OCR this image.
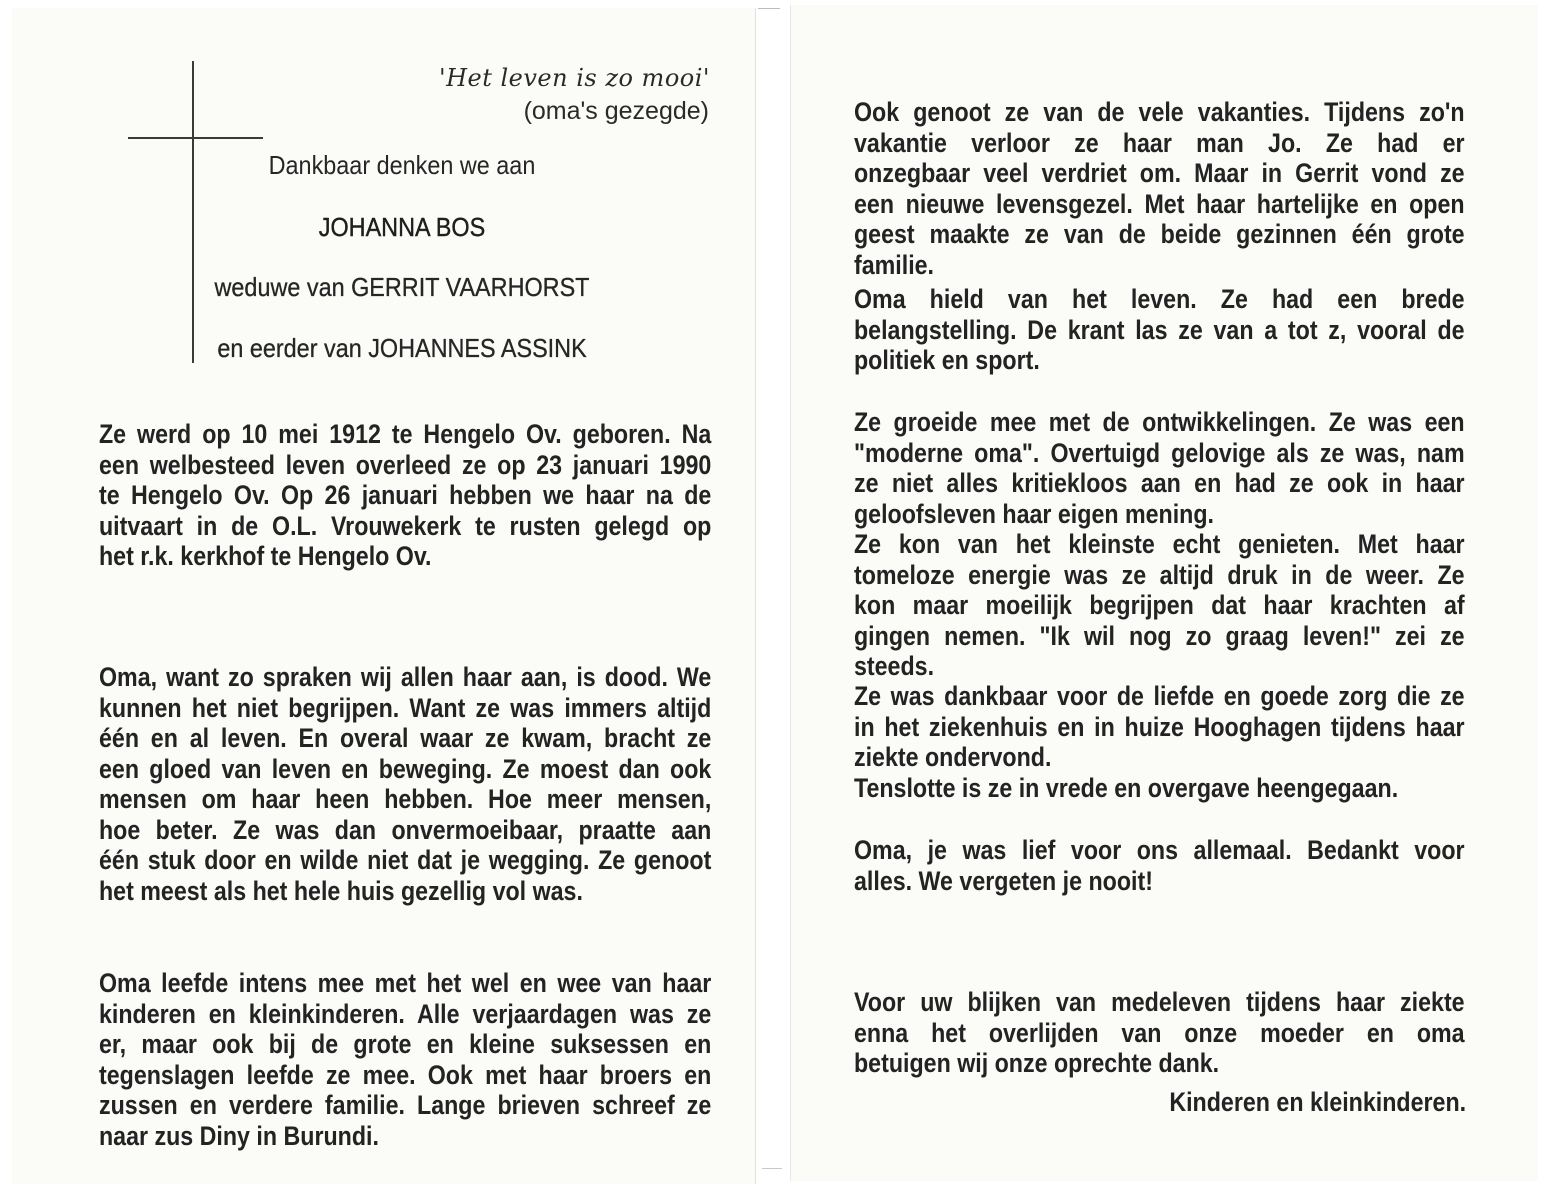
'Het leven is zo mooi'
(oma's gezegde)
Dankbaar denken we aan
JOHANNA BOS
weduwe van GERRIT VAARHORST
en eerder van JOHANNES ASSINK
Ze werd op 10 mei 1912 te Hengelo Ov. geboren. Na
een welbesteed leven overleed ze op 23 januari 1990
te Hengelo Ov. Op 26 januari hebben we haar na de
uitvaart in de O.L. Vrouwekerk te rusten gelegd op
het r.k. kerkhof te Hengelo Ov.
Oma, want zo spraken wij allen haar aan, is dood. We
kunnen het niet begrijpen. Want ze was immers altijd
één en al leven. En overal waar ze kwam, bracht ze
een gloed van leven en beweging. Ze moest dan ook
mensen om haar heen hebben. Hoe meer mensen,
hoe beter. Ze was dan onvermoeibaar, praatte aan
één stuk door en wilde niet dat je wegging. Ze genoot
het meest als het hele huis gezellig vol was.
Oma leefde intens mee met het wel en wee van haar
kinderen en kleinkinderen. Alle verjaardagen was ze
er, maar ook bij de grote en kleine suksessen en
tegenslagen leefde ze mee. Ook met haar broers en
zussen en verdere familie. Lange brieven schreef ze
naar zus Diny in Burundi.
Ook genoot ze van de vele vakanties. Tijdens zo'n
vakantie verloor ze haar man Jo. Ze had er
onzegbaar veel verdriet om. Maar in Gerrit vond ze
een nieuwe levensgezel. Met haar hartelijke en open
geest maakte ze van de beide gezinnen één grote
familie.
Oma hield van het leven. Ze had een brede
belangstelling. De krant las ze van a tot z, vooral de
politiek en sport.
Ze groeide mee met de ontwikkelingen. Ze was een
"moderne oma". Overtuigd gelovige als ze was, nam
ze niet alles kritiekloos aan en had ze ook in haar
geloofsleven haar eigen mening.
Ze kon van het kleinste echt genieten. Met haar
tomeloze energie was ze altijd druk in de weer. Ze
kon maar moeilijk begrijpen dat haar krachten af
gingen nemen. "Ik wil nog zo graag leven!" zei ze
steeds.
Ze was dankbaar voor de liefde en goede zorg die ze
in het ziekenhuis en in huize Hooghagen tijdens haar
ziekte ondervond.
Tenslotte is ze in vrede en overgave heengegaan.
Oma, je was lief voor ons allemaal. Bedankt voor
alles. We vergeten je nooit!
Voor uw blijken van medeleven tijdens haar ziekte
enna het overlijden van onze moeder en oma
betuigen wij onze oprechte dank.
Kinderen en kleinkinderen.
